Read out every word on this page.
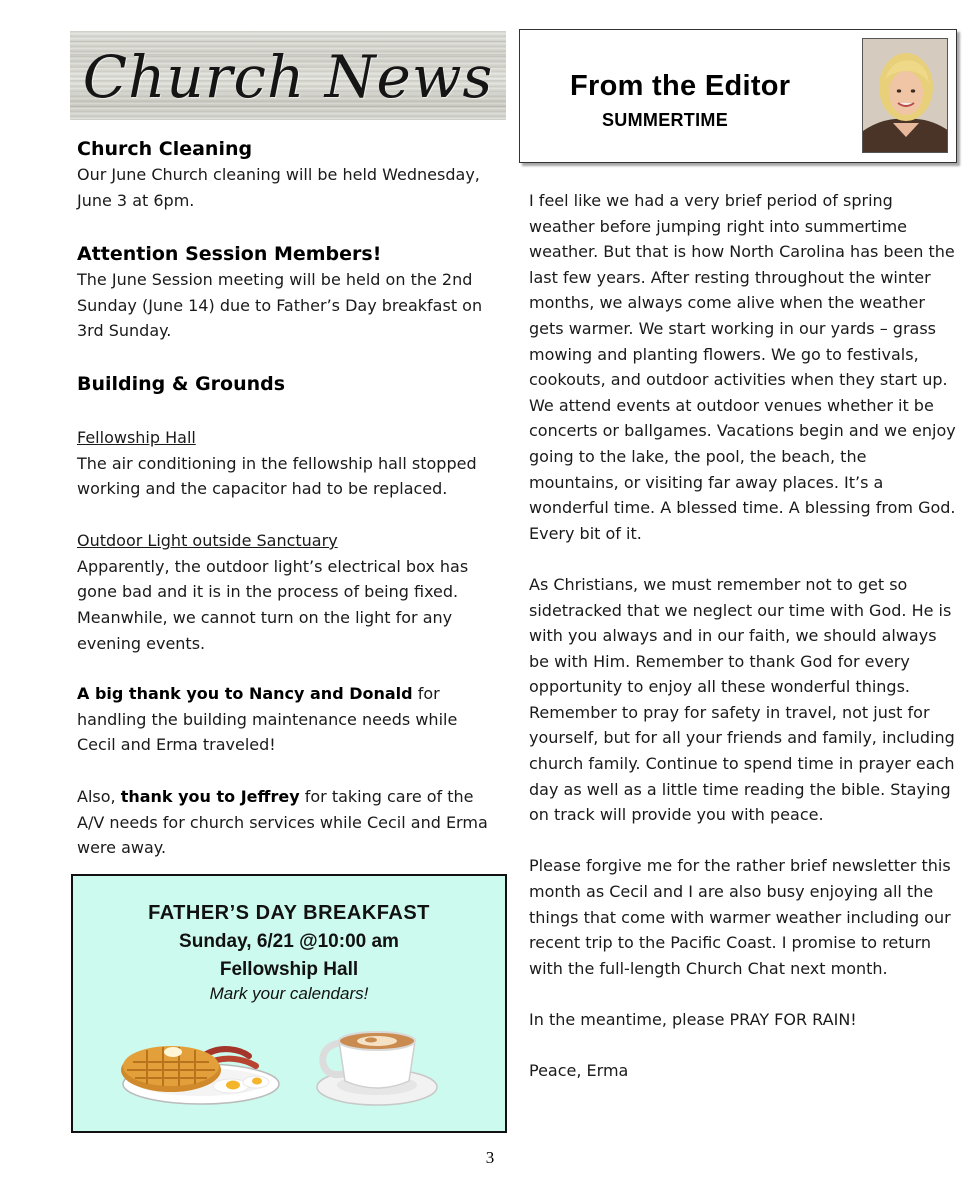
Church News
Church Cleaning
Our June Church cleaning will be held Wednesday, June 3 at 6pm.
Attention Session Members!
The June Session meeting will be held on the 2nd Sunday (June 14) due to Father’s Day breakfast on 3rd Sunday.
Building & Grounds
Fellowship Hall
The air conditioning in the fellowship hall stopped working and the capacitor had to be replaced.
Outdoor Light outside Sanctuary
Apparently, the outdoor light’s electrical box has gone bad and it is in the process of being fixed. Meanwhile, we cannot turn on the light for any evening events.
A big thank you to Nancy and Donald for handling the building maintenance needs while Cecil and Erma traveled!
Also, thank you to Jeffrey for taking care of the A/V needs for church services while Cecil and Erma were away.
FATHER’S DAY BREAKFAST
Sunday, 6/21 @10:00 am
Fellowship Hall
Mark your calendars!
From the Editor
SUMMERTIME
I feel like we had a very brief period of spring weather before jumping right into summertime weather. But that is how North Carolina has been the last few years. After resting throughout the winter months, we always come alive when the weather gets warmer. We start working in our yards – grass mowing and planting flowers. We go to festivals, cookouts, and outdoor activities when they start up. We attend events at outdoor venues whether it be concerts or ballgames. Vacations begin and we enjoy going to the lake, the pool, the beach, the mountains, or visiting far away places. It’s a wonderful time. A blessed time. A blessing from God. Every bit of it.
As Christians, we must remember not to get so sidetracked that we neglect our time with God. He is with you always and in our faith, we should always be with Him. Remember to thank God for every opportunity to enjoy all these wonderful things. Remember to pray for safety in travel, not just for yourself, but for all your friends and family, including church family. Continue to spend time in prayer each day as well as a little time reading the bible. Staying on track will provide you with peace.
Please forgive me for the rather brief newsletter this month as Cecil and I are also busy enjoying all the things that come with warmer weather including our recent trip to the Pacific Coast. I promise to return with the full-length Church Chat next month.
In the meantime, please PRAY FOR RAIN!
Peace, Erma
3
